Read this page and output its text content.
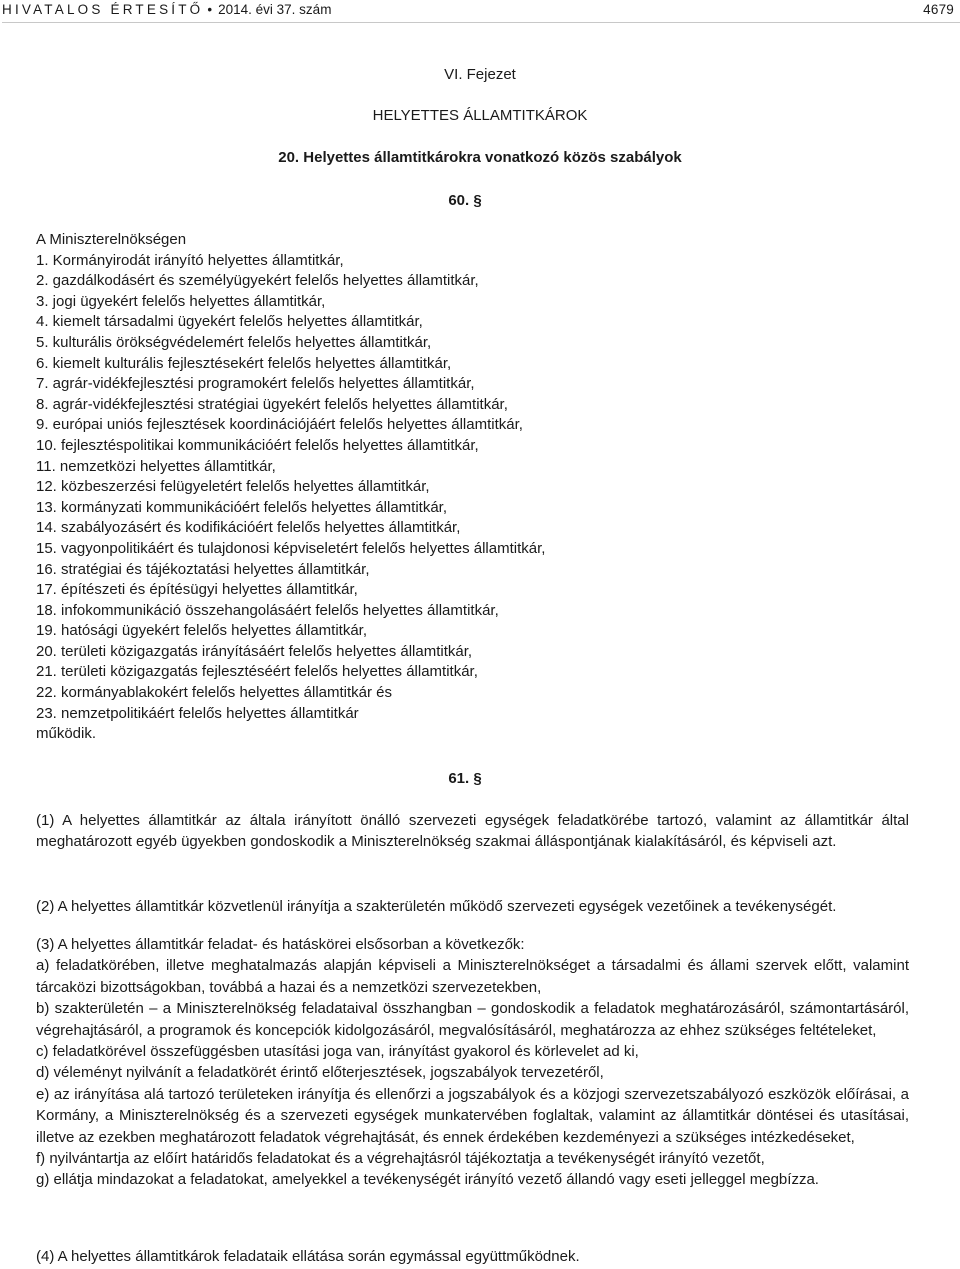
HIVATALOS ÉRTESÍTŐ • 2014. évi 37. szám	4679
VI. Fejezet
HELYETTES ÁLLAMTITKÁROK
20. Helyettes államtitkárokra vonatkozó közös szabályok
60. §
A Miniszterelnökségen
1. Kormányirodát irányító helyettes államtitkár,
2. gazdálkodásért és személyügyekért felelős helyettes államtitkár,
3. jogi ügyekért felelős helyettes államtitkár,
4. kiemelt társadalmi ügyekért felelős helyettes államtitkár,
5. kulturális örökségvédelemért felelős helyettes államtitkár,
6. kiemelt kulturális fejlesztésekért felelős helyettes államtitkár,
7. agrár-vidékfejlesztési programokért felelős helyettes államtitkár,
8. agrár-vidékfejlesztési stratégiai ügyekért felelős helyettes államtitkár,
9. európai uniós fejlesztések koordinációjáért felelős helyettes államtitkár,
10. fejlesztéspolitikai kommunikációért felelős helyettes államtitkár,
11. nemzetközi helyettes államtitkár,
12. közbeszerzési felügyeletért felelős helyettes államtitkár,
13. kormányzati kommunikációért felelős helyettes államtitkár,
14. szabályozásért és kodifikációért felelős helyettes államtitkár,
15. vagyonpolitikáért és tulajdonosi képviseletért felelős helyettes államtitkár,
16. stratégiai és tájékoztatási helyettes államtitkár,
17. építészeti és építésügyi helyettes államtitkár,
18. infokommunikáció összehangolásáért felelős helyettes államtitkár,
19. hatósági ügyekért felelős helyettes államtitkár,
20. területi közigazgatás irányításáért felelős helyettes államtitkár,
21. területi közigazgatás fejlesztéséért felelős helyettes államtitkár,
22. kormányablakokért felelős helyettes államtitkár és
23. nemzetpolitikáért felelős helyettes államtitkár
működik.
61. §
(1) A helyettes államtitkár az általa irányított önálló szervezeti egységek feladatkörébe tartozó, valamint az államtitkár által meghatározott egyéb ügyekben gondoskodik a Miniszterelnökség szakmai álláspontjának kialakításáról, és képviseli azt.
(2) A helyettes államtitkár közvetlenül irányítja a szakterületén működő szervezeti egységek vezetőinek a tevékenységét.
(3) A helyettes államtitkár feladat- és hatáskörei elsősorban a következők:
a) feladatkörében, illetve meghatalmazás alapján képviseli a Miniszterelnökséget a társadalmi és állami szervek előtt, valamint tárcaközi bizottságokban, továbbá a hazai és a nemzetközi szervezetekben,
b) szakterületén – a Miniszterelnökség feladataival összhangban – gondoskodik a feladatok meghatározásáról, számontartásáról, végrehajtásáról, a programok és koncepciók kidolgozásáról, megvalósításáról, meghatározza az ehhez szükséges feltételeket,
c) feladatkörével összefüggésben utasítási joga van, irányítást gyakorol és körlevelet ad ki,
d) véleményt nyilvánít a feladatkörét érintő előterjesztések, jogszabályok tervezetéről,
e) az irányítása alá tartozó területeken irányítja és ellenőrzi a jogszabályok és a közjogi szervezetszabályozó eszközök előírásai, a Kormány, a Miniszterelnökség és a szervezeti egységek munkatervében foglaltak, valamint az államtitkár döntései és utasításai, illetve az ezekben meghatározott feladatok végrehajtását, és ennek érdekében kezdeményezi a szükséges intézkedéseket,
f) nyilvántartja az előírt határidős feladatokat és a végrehajtásról tájékoztatja a tevékenységét irányító vezetőt,
g) ellátja mindazokat a feladatokat, amelyekkel a tevékenységét irányító vezető állandó vagy eseti jelleggel megbízza.
(4) A helyettes államtitkárok feladataik ellátása során egymással együttműködnek.
